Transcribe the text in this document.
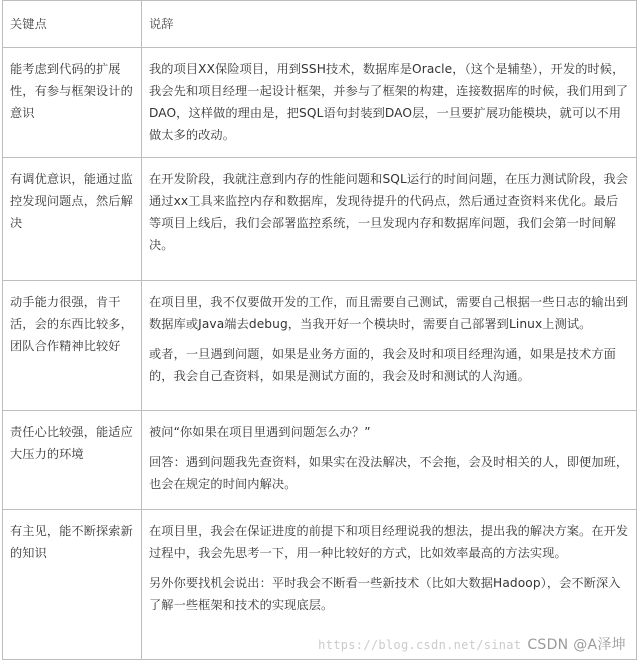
关键点	说辞
能考虑到代码的扩展性，有参与框架设计的意识	我的项目XX保险项目，用到SSH技术，数据库是Oracle，（这个是辅垫），开发的时候，我会先和项目经理一起设计框架，并参与了框架的构建，连接数据库的时候，我们用到了DAO，这样做的理由是，把SQL语句封装到DAO层，一旦要扩展功能模块，就可以不用做太多的改动。

有调优意识，能通过监控发现问题点，然后解决	在开发阶段，我就注意到内存的性能问题和SQL运行的时间问题，在压力测试阶段，我会通过xx工具来监控内存和数据库，发现待提升的代码点，然后通过查资料来优化。最后等项目上线后，我们会部署监控系统，一旦发现内存和数据库问题，我们会第一时间解决。

动手能力很强，肯干活，会的东西比较多，团队合作精神比较好	在项目里，我不仅要做开发的工作，而且需要自己测试，需要自己根据一些日志的输出到数据库或Java端去debug，当我开好一个模块时，需要自己部署到Linux上测试。

或者，一旦遇到问题，如果是业务方面的，我会及时和项目经理沟通，如果是技术方面的，我会自己查资料，如果是测试方面的，我会及时和测试的人沟通。

责任心比较强，能适应大压力的环境	被问“你如果在项目里遇到问题怎么办？”

回答：遇到问题我先查资料，如果实在没法解决，不会拖，会及时相关的人，即便加班，也会在规定的时间内解决。

有主见，能不断探索新的知识	在项目里，我会在保证进度的前提下和项目经理说我的想法，提出我的解决方案。在开发过程中，我会先思考一下，用一种比较好的方式，比如效率最高的方法实现。

另外你要找机会说出：平时我会不断看一些新技术（比如大数据Hadoop），会不断深入了解一些框架和技术的实现底层。

https://blog.csdn.net/sinat CSDN @A泽坤
